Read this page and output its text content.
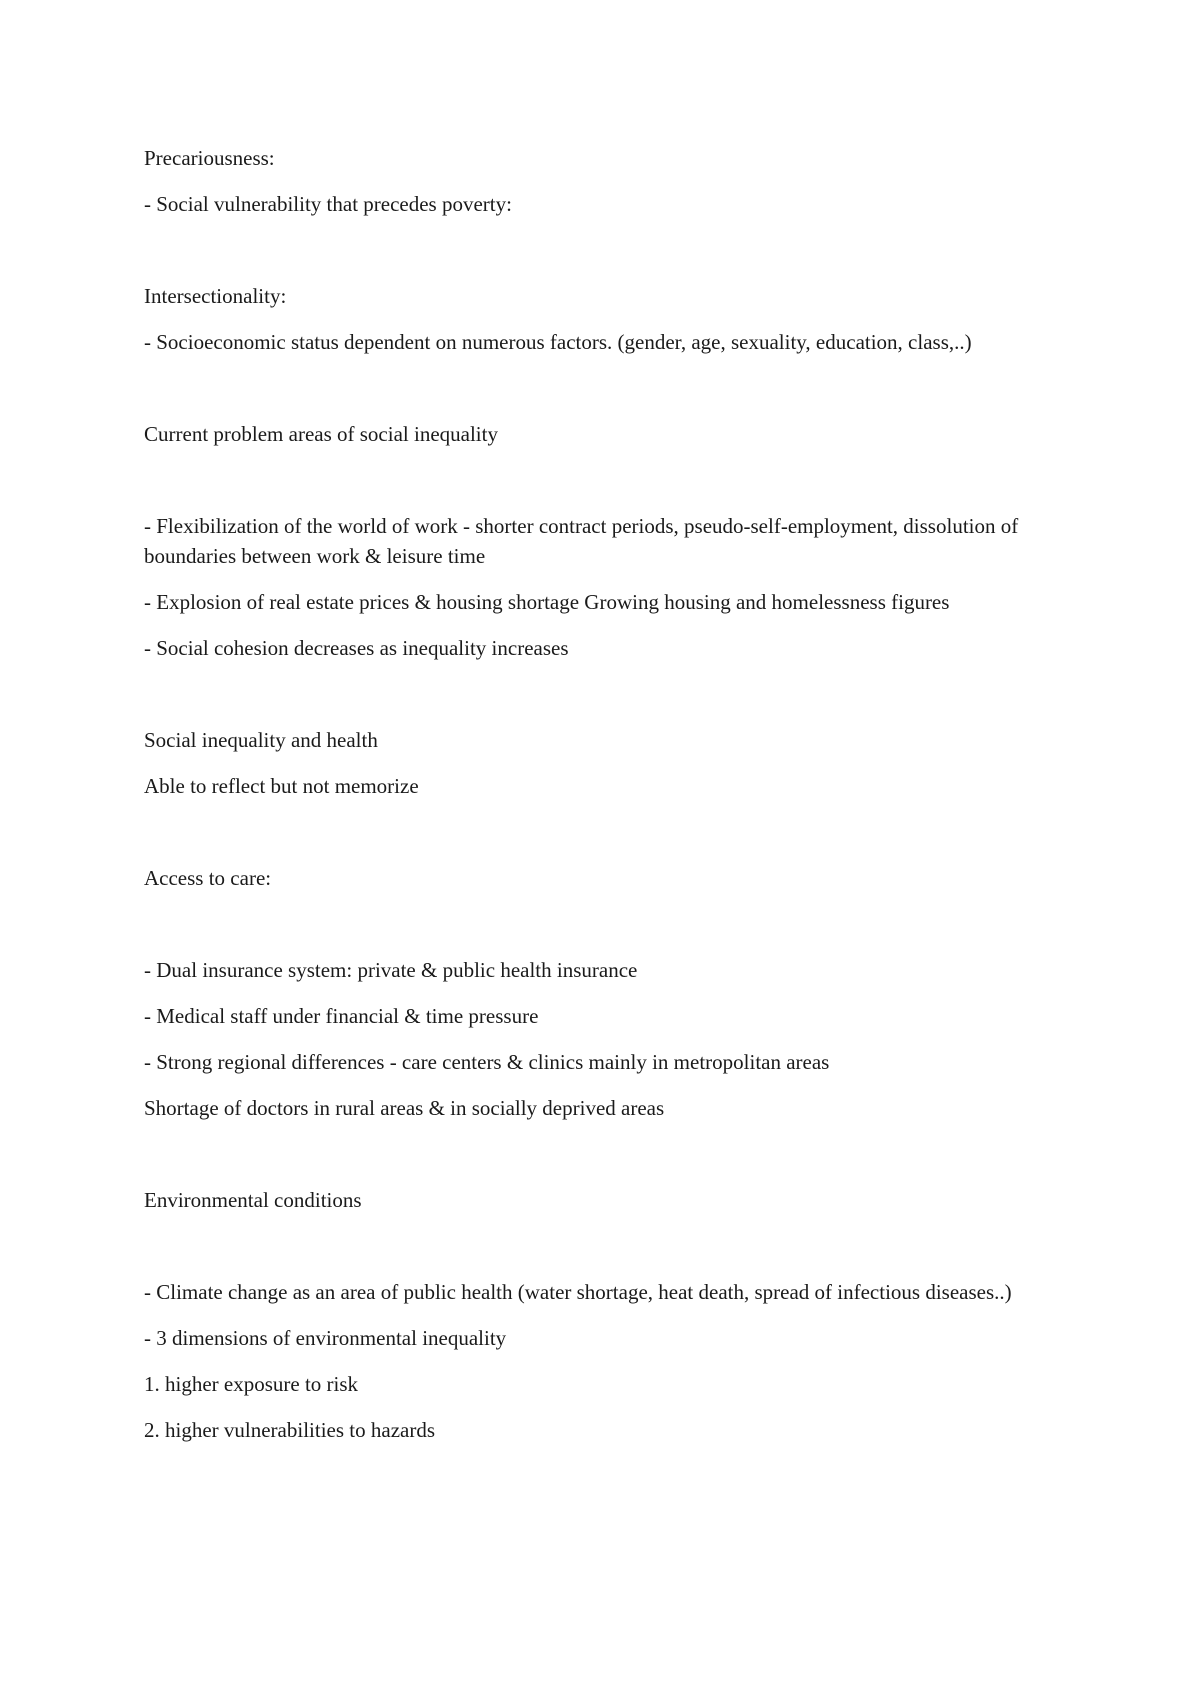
Precariousness:

- Social vulnerability that precedes poverty:

Intersectionality:

- Socioeconomic status dependent on numerous factors. (gender, age, sexuality, education, class,..)

Current problem areas of social inequality

- Flexibilization of the world of work - shorter contract periods, pseudo-self-employment, dissolution of boundaries between work & leisure time

- Explosion of real estate prices & housing shortage Growing housing and homelessness figures

- Social cohesion decreases as inequality increases

Social inequality and health

Able to reflect but not memorize

Access to care:

- Dual insurance system: private & public health insurance

- Medical staff under financial & time pressure

- Strong regional differences - care centers & clinics mainly in metropolitan areas

Shortage of doctors in rural areas & in socially deprived areas

Environmental conditions

- Climate change as an area of public health (water shortage, heat death, spread of infectious diseases..)

- 3 dimensions of environmental inequality

1. higher exposure to risk

2. higher vulnerabilities to hazards
